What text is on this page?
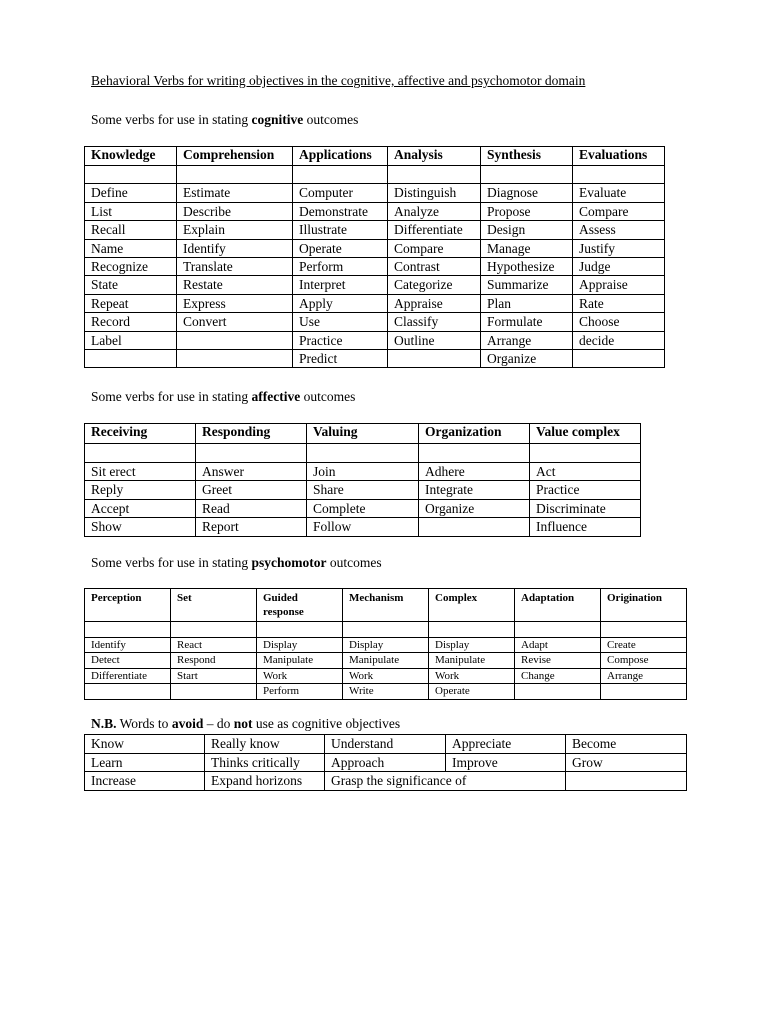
Behavioral Verbs for writing objectives in the cognitive, affective and psychomotor domain
Some verbs for use in stating cognitive outcomes
Knowledge	Comprehension	Applications	Analysis	Synthesis	Evaluations

Define	Estimate	Computer	Distinguish	Diagnose	Evaluate
List	Describe	Demonstrate	Analyze	Propose	Compare
Recall	Explain	Illustrate	Differentiate	Design	Assess
Name	Identify	Operate	Compare	Manage	Justify
Recognize	Translate	Perform	Contrast	Hypothesize	Judge
State	Restate	Interpret	Categorize	Summarize	Appraise
Repeat	Express	Apply	Appraise	Plan	Rate
Record	Convert	Use	Classify	Formulate	Choose
Label		Practice	Outline	Arrange	decide
		Predict		Organize	
Some verbs for use in stating affective outcomes
Receiving	Responding	Valuing	Organization	Value complex

Sit erect	Answer	Join	Adhere	Act
Reply	Greet	Share	Integrate	Practice
Accept	Read	Complete	Organize	Discriminate
Show	Report	Follow		Influence
Some verbs for use in stating psychomotor outcomes
Perception	Set	Guided response	Mechanism	Complex	Adaptation	Origination

Identify	React	Display	Display	Display	Adapt	Create
Detect	Respond	Manipulate	Manipulate	Manipulate	Revise	Compose
Differentiate	Start	Work	Work	Work	Change	Arrange
		Perform	Write	Operate		
N.B. Words to avoid – do not use as cognitive objectives
Know	Really know	Understand	Appreciate	Become
Learn	Thinks critically	Approach	Improve	Grow
Increase	Expand horizons	Grasp the significance of		
